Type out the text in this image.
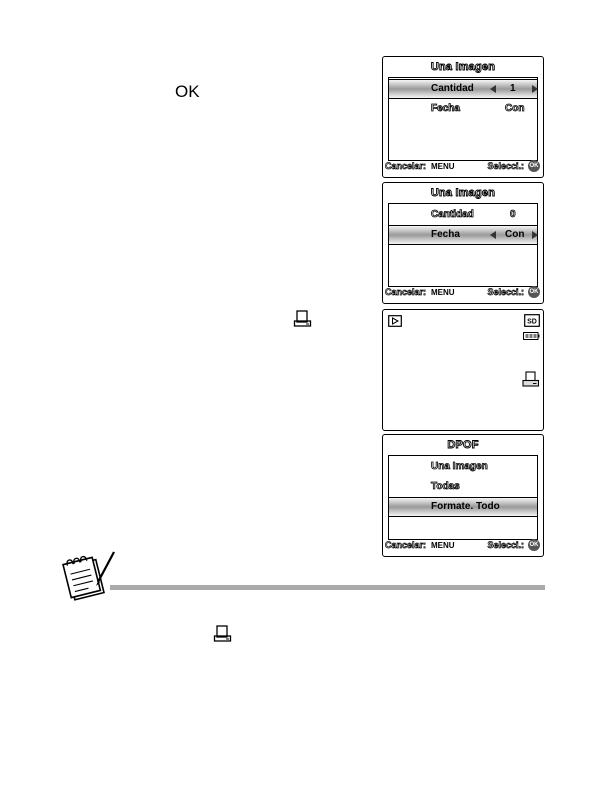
OK
Una Imagen
Cantidad	1
Fecha	Con
Cancelar: MENU	Selecci.: OK
Una Imagen
Cantidad	0
Fecha	Con
Cancelar: MENU	Selecci.: OK
SD
DPOF
Una Imagen
Todas
Formate. Todo
Cancelar: MENU	Selecci.: OK
